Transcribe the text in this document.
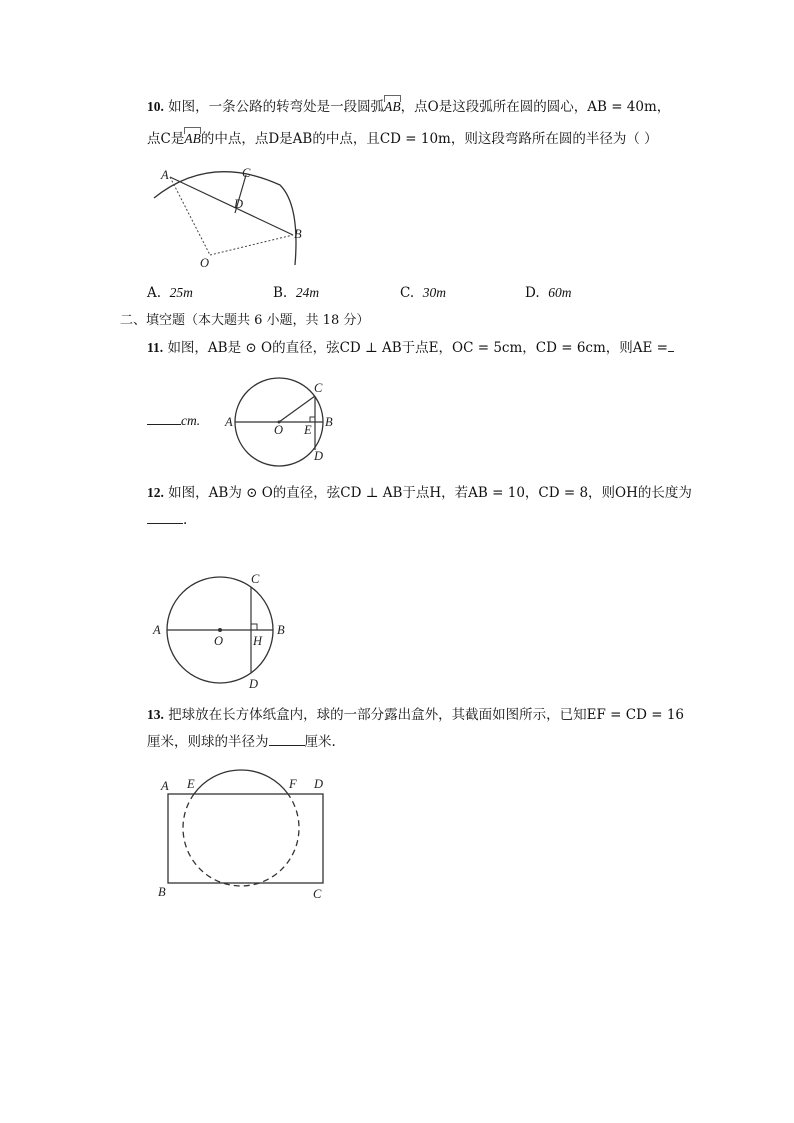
10. 如图，一条公路的转弯处是一段圆弧AB，点O是这段弧所在圆的圆心，AB = 40m，
点C是AB的中点，点D是AB的中点，且CD = 10m，则这段弯路所在圆的半径为（ ）
A	C
D
B
O
A. 25m	B. 24m	C. 30m	D. 60m
二、填空题（本大题共 6 小题，共 18 分）
11. 如图，AB是 ⊙ O的直径，弦CD ⊥ AB于点E，OC = 5cm，CD = 6cm，则AE =
cm. A
O E
B
C
D
12. 如图，AB为 ⊙ O的直径，弦CD ⊥ AB于点H，若AB = 10，CD = 8，则OH的长度为
.
A
O H
B
C
D
13. 把球放在长方体纸盒内，球的一部分露出盒外，其截面如图所示，已知EF = CD = 16
厘米，则球的半径为	厘米.
A E	F D
B	C
